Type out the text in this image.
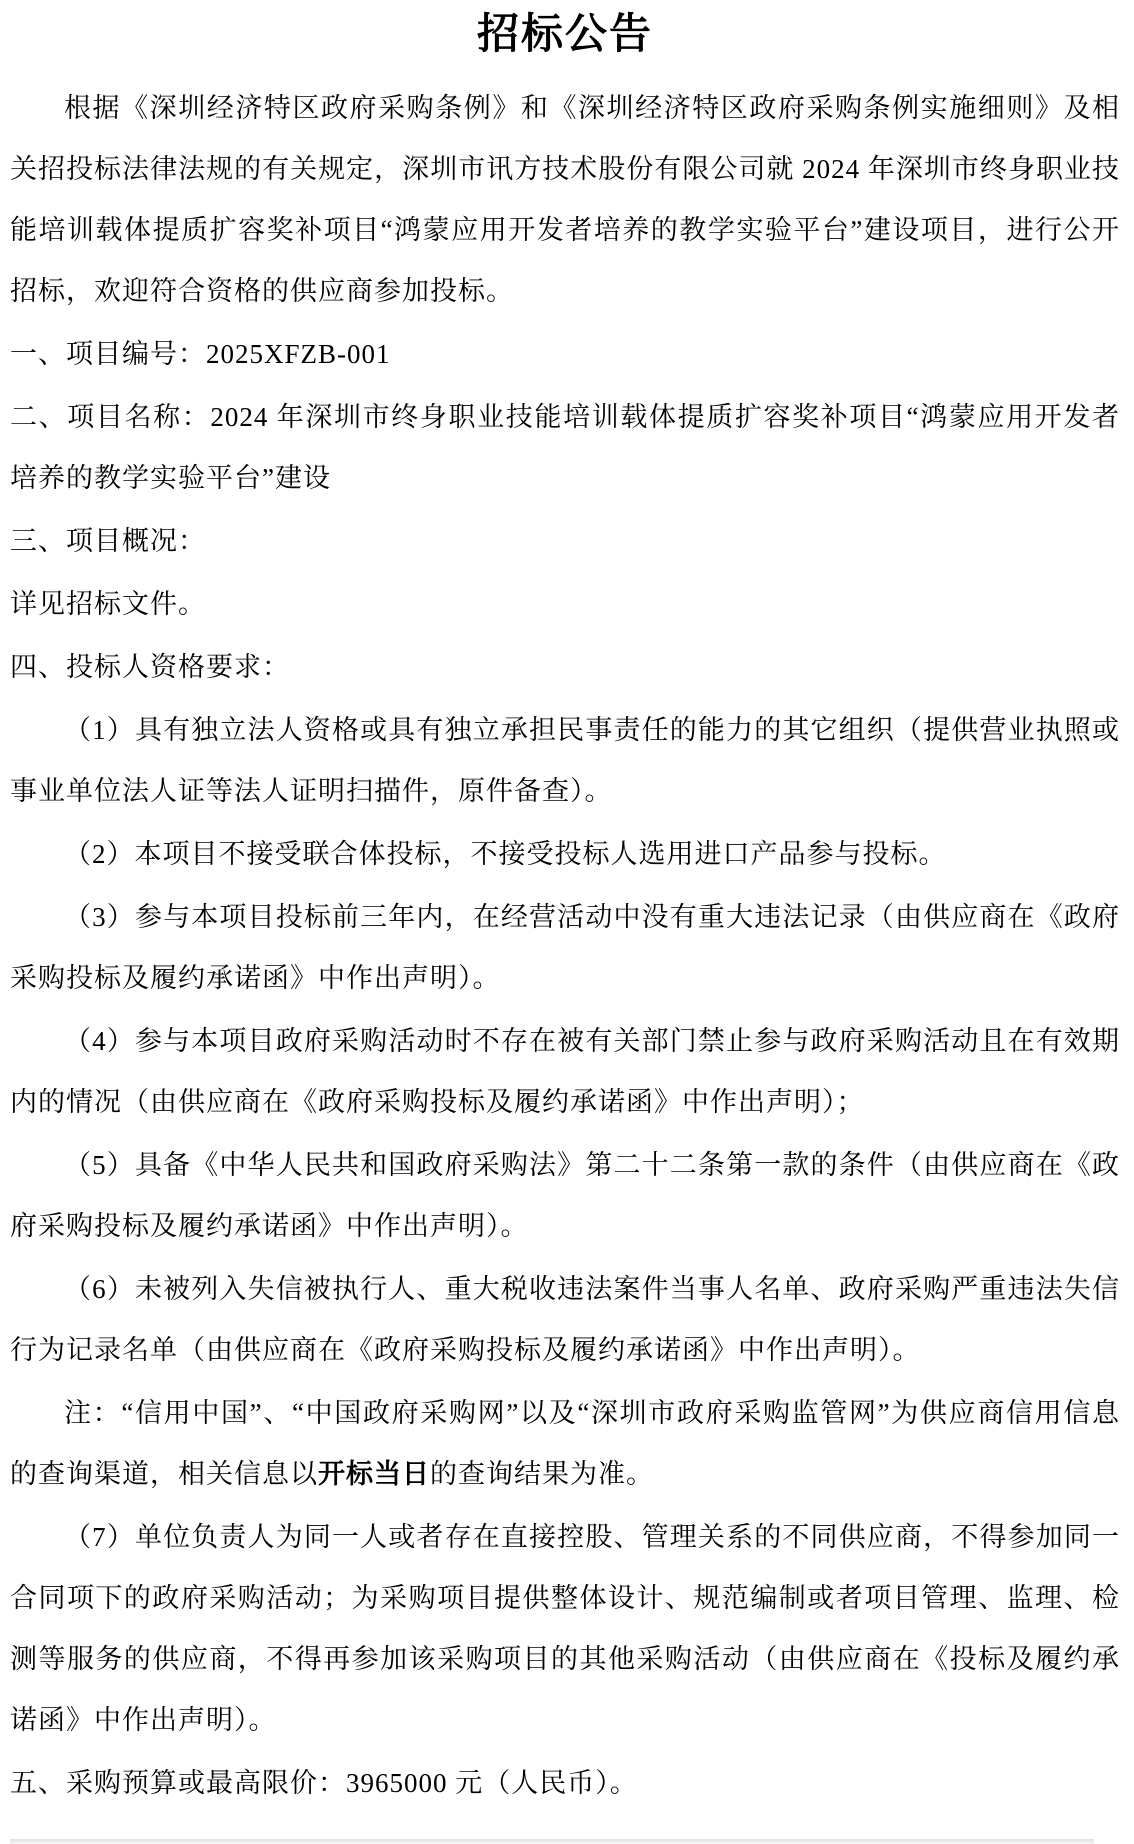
招标公告

根据《深圳经济特区政府采购条例》和《深圳经济特区政府采购条例实施细则》及相关招投标法律法规的有关规定，深圳市讯方技术股份有限公司就 2024 年深圳市终身职业技能培训载体提质扩容奖补项目“鸿蒙应用开发者培养的教学实验平台”建设项目，进行公开招标，欢迎符合资格的供应商参加投标。

一、项目编号：2025XFZB-001

二、项目名称：2024 年深圳市终身职业技能培训载体提质扩容奖补项目“鸿蒙应用开发者培养的教学实验平台”建设

三、项目概况：

详见招标文件。

四、投标人资格要求：

（1）具有独立法人资格或具有独立承担民事责任的能力的其它组织（提供营业执照或事业单位法人证等法人证明扫描件，原件备查）。

（2）本项目不接受联合体投标，不接受投标人选用进口产品参与投标。

（3）参与本项目投标前三年内，在经营活动中没有重大违法记录（由供应商在《政府采购投标及履约承诺函》中作出声明）。

（4）参与本项目政府采购活动时不存在被有关部门禁止参与政府采购活动且在有效期内的情况（由供应商在《政府采购投标及履约承诺函》中作出声明）；

（5）具备《中华人民共和国政府采购法》第二十二条第一款的条件（由供应商在《政府采购投标及履约承诺函》中作出声明）。

（6）未被列入失信被执行人、重大税收违法案件当事人名单、政府采购严重违法失信行为记录名单（由供应商在《政府采购投标及履约承诺函》中作出声明）。

注：“信用中国”、“中国政府采购网”以及“深圳市政府采购监管网”为供应商信用信息的查询渠道，相关信息以开标当日的查询结果为准。

（7）单位负责人为同一人或者存在直接控股、管理关系的不同供应商，不得参加同一合同项下的政府采购活动；为采购项目提供整体设计、规范编制或者项目管理、监理、检测等服务的供应商，不得再参加该采购项目的其他采购活动（由供应商在《投标及履约承诺函》中作出声明）。

五、采购预算或最高限价：3965000 元（人民币）。
